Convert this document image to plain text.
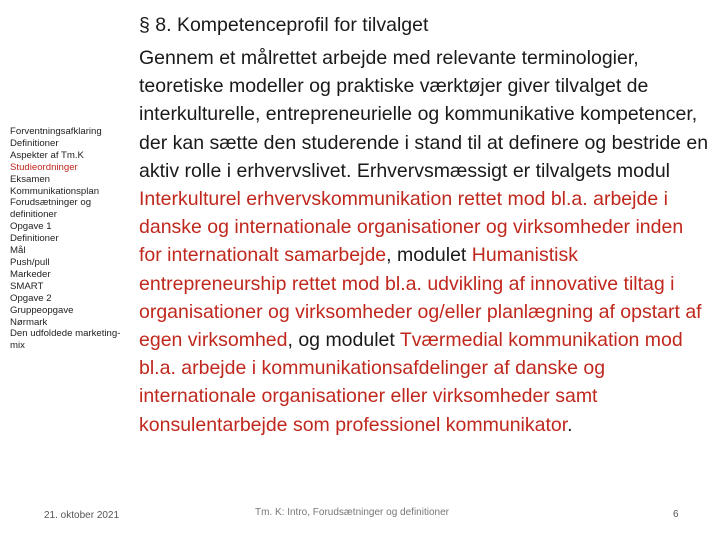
Forventningsafklaring
Definitioner
Aspekter af Tm.K
Studieordninger
Eksamen
Kommunikationsplan
Forudsætninger og definitioner
Opgave 1
Definitioner
Mål
Push/pull
Markeder
SMART
Opgave 2
Gruppeopgave
Nørmark
Den udfoldede marketing-mix
21. oktober 2021
§ 8. Kompetenceprofil for tilvalget
Gennem et målrettet arbejde med relevante terminologier, teoretiske modeller og praktiske værktøjer giver tilvalget de interkulturelle, entrepreneurielle og kommunikative kompetencer, der kan sætte den studerende i stand til at definere og bestride en aktiv rolle i erhvervslivet. Erhvervsmæssigt er tilvalgets modul Interkulturel erhvervskommunikation rettet mod bl.a. arbejde i danske og internationale organisationer og virksomheder inden for internationalt samarbejde, modulet Humanistisk entrepreneurship rettet mod bl.a. udvikling af innovative tiltag i organisationer og virksomheder og/eller planlægning af opstart af egen virksomhed, og modulet Tværmedial kommunikation mod bl.a. arbejde i kommunikationsafdelinger af danske og internationale organisationer eller virksomheder samt konsulentarbejde som professionel kommunikator.
Tm. K: Intro, Forudsætninger og definitioner	6
